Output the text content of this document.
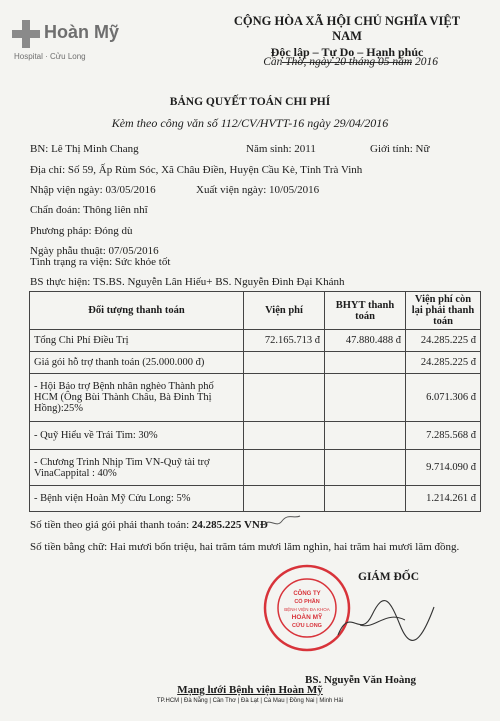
Hoàn Mỹ
Hospital · Cửu Long
CỘNG HÒA XÃ HỘI CHỦ NGHĨA VIỆT NAM
Độc lập – Tự Do – Hạnh phúc
Cần Thơ, ngày 20 tháng 05 năm 2016
BẢNG QUYẾT TOÁN CHI PHÍ
Kèm theo công văn số 112/CV/HVTT-16 ngày 29/04/2016
BN: Lê Thị Minh Chang	Năm sinh: 2011	Giới tính: Nữ
Địa chỉ: Số 59, Ấp Rùm Sóc, Xã Châu Điền, Huyện Cầu Kè, Tỉnh Trà Vinh
Nhập viện ngày: 03/05/2016	Xuất viện ngày: 10/05/2016
Chẩn đoán: Thông liên nhĩ
Phương pháp: Đóng dù
Ngày phẫu thuật: 07/05/2016
Tình trạng ra viện: Sức khỏe tốt
BS thực hiện: TS.BS. Nguyễn Lân Hiếu+ BS. Nguyễn Đình Đại Khánh
Đối tượng thanh toán	Viện phí	BHYT thanh toán	Viện phí còn lại phải thanh toán
Tổng Chi Phí Điều Trị	72.165.713 đ	47.880.488 đ	24.285.225 đ
Giá gói hỗ trợ thanh toán (25.000.000 đ)			24.285.225 đ
- Hội Bảo trợ Bệnh nhân nghèo Thành phố HCM (Ông Bùi Thành Châu, Bà Đinh Thị Hồng):25%			6.071.306 đ
- Quỹ Hiểu về Trái Tim: 30%			7.285.568 đ
- Chương Trình Nhịp Tim VN-Quỹ tài trợ VinaCappital : 40%			9.714.090 đ
- Bệnh viện Hoàn Mỹ Cửu Long: 5%			1.214.261 đ
Số tiền theo giá gói phải thanh toán: 24.285.225 VNĐ
Số tiền bằng chữ: Hai mươi bốn triệu, hai trăm tám mươi lăm nghìn, hai trăm hai mươi lăm đồng.
GIÁM ĐỐC
CÔNG TY
CỔ PHẦN
BỆNH VIỆN ĐA KHOA
HOÀN MỸ
CỬU LONG
BS. Nguyễn Văn Hoàng
Mạng lưới Bệnh viện Hoàn Mỹ
TP.HCM | Đà Nẵng | Cần Thơ | Đà Lạt | Cà Mau | Đồng Nai | Minh Hải
